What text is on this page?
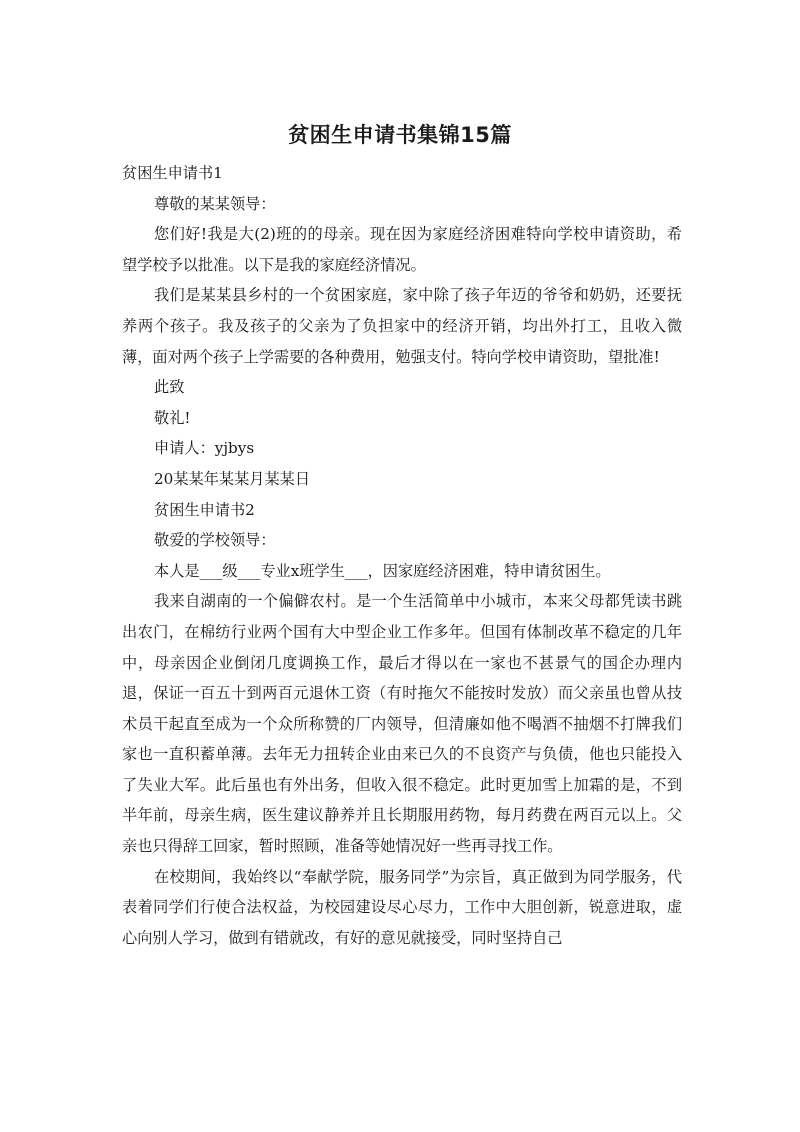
贫困生申请书集锦15篇

贫困生申请书1

尊敬的某某领导：

您们好!我是大(2)班的的母亲。现在因为家庭经济困难特向学校申请资助，希望学校予以批准。以下是我的家庭经济情况。

我们是某某县乡村的一个贫困家庭，家中除了孩子年迈的爷爷和奶奶，还要抚养两个孩子。我及孩子的父亲为了负担家中的经济开销，均出外打工，且收入微薄，面对两个孩子上学需要的各种费用，勉强支付。特向学校申请资助，望批准!

此致

敬礼!

申请人：yjbys

20某某年某某月某某日

贫困生申请书2

敬爱的学校领导：

本人是___级___专业x班学生___，因家庭经济困难，特申请贫困生。

我来自湖南的一个偏僻农村。是一个生活简单中小城市，本来父母都凭读书跳出农门，在棉纺行业两个国有大中型企业工作多年。但国有体制改革不稳定的几年中，母亲因企业倒闭几度调换工作，最后才得以在一家也不甚景气的国企办理内退，保证一百五十到两百元退休工资（有时拖欠不能按时发放）而父亲虽也曾从技术员干起直至成为一个众所称赞的厂内领导，但清廉如他不喝酒不抽烟不打牌我们家也一直积蓄单薄。去年无力扭转企业由来已久的不良资产与负债，他也只能投入了失业大军。此后虽也有外出务，但收入很不稳定。此时更加雪上加霜的是，不到半年前，母亲生病，医生建议静养并且长期服用药物，每月药费在两百元以上。父亲也只得辞工回家，暂时照顾，准备等她情况好一些再寻找工作。

在校期间，我始终以“奉献学院，服务同学”为宗旨，真正做到为同学服务，代表着同学们行使合法权益，为校园建设尽心尽力，工作中大胆创新，锐意进取，虚心向别人学习，做到有错就改，有好的意见就接受，同时坚持自己
